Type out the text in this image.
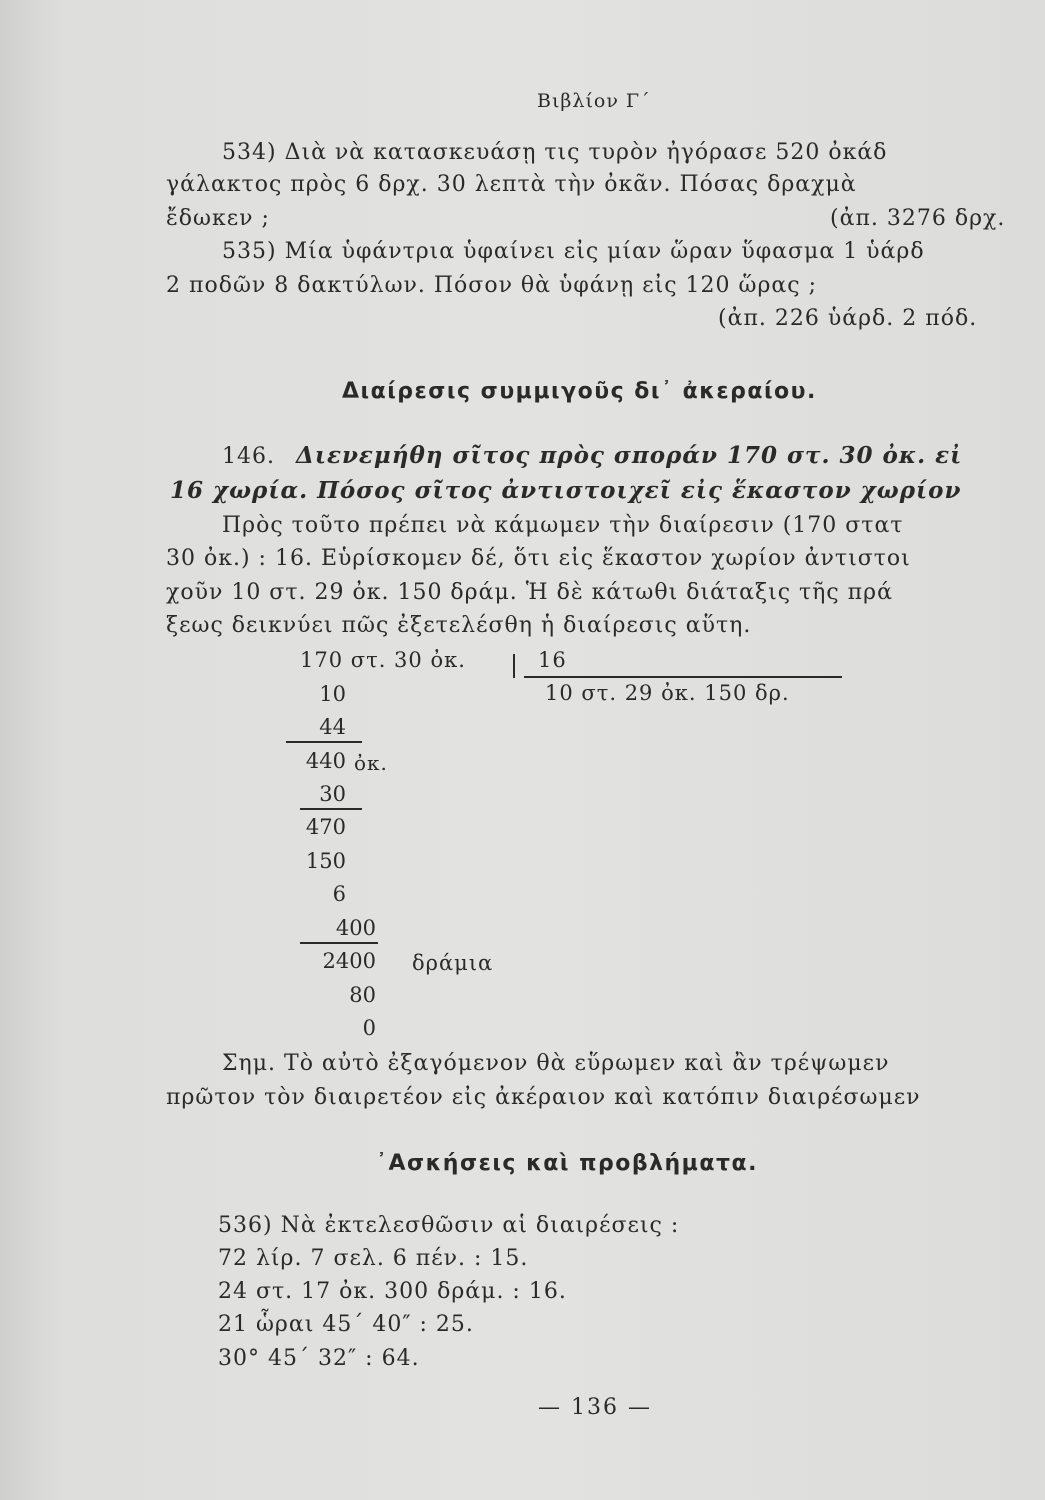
Βιβλίον Γ΄
534) Διὰ νὰ κατασκευάσῃ τις τυρὸν ἠγόρασε 520 ὀκάδ
γάλακτος πρὸς 6 δρχ. 30 λεπτὰ τὴν ὀκᾶν. Πόσας δραχμὰ
ἔδωκεν ;	(ἀπ. 3276 δρχ.
535) Μία ὑφάντρια ὑφαίνει εἰς μίαν ὥραν ὕφασμα 1 ὑάρδ
2 ποδῶν 8 δακτύλων. Πόσον θὰ ὑφάνῃ εἰς 120 ὥρας ;
(ἀπ. 226 ὑάρδ. 2 πόδ.
Διαίρεσις συμμιγοῦς δι᾽ ἀκεραίου.
146. Διενεμήθη σῖτος πρὸς σποράν 170 στ. 30 ὀκ. εἰ
16 χωρία. Πόσος σῖτος ἀντιστοιχεῖ εἰς ἕκαστον χωρίον
Πρὸς τοῦτο πρέπει νὰ κάμωμεν τὴν διαίρεσιν (170 στατ
30 ὀκ.) : 16. Εὑρίσκομεν δέ, ὅτι εἰς ἕκαστον χωρίον ἀντιστοι
χοῦν 10 στ. 29 ὀκ. 150 δράμ. Ἡ δὲ κάτωθι διάταξις τῆς πρά
ξεως δεικνύει πῶς ἐξετελέσθη ἡ διαίρεσις αὕτη.
170 στ. 30 ὀκ.	16
10 στ. 29 ὀκ. 150 δρ.
10
44
440 ὀκ.
30
470
150
6
400
2400 δράμια
80
0
Σημ. Τὸ αὐτὸ ἐξαγόμενον θὰ εὕρωμεν καὶ ἂν τρέψωμεν
πρῶτον τὸν διαιρετέον εἰς ἀκέραιον καὶ κατόπιν διαιρέσωμεν
᾽Ασκήσεις καὶ προβλήματα.
536) Νὰ ἐκτελεσθῶσιν αἱ διαιρέσεις :
72 λίρ. 7 σελ. 6 πέν. : 15.
24 στ. 17 ὀκ. 300 δράμ. : 16.
21 ὧραι 45΄ 40″ : 25.
30° 45΄ 32″ : 64.
— 136 —
